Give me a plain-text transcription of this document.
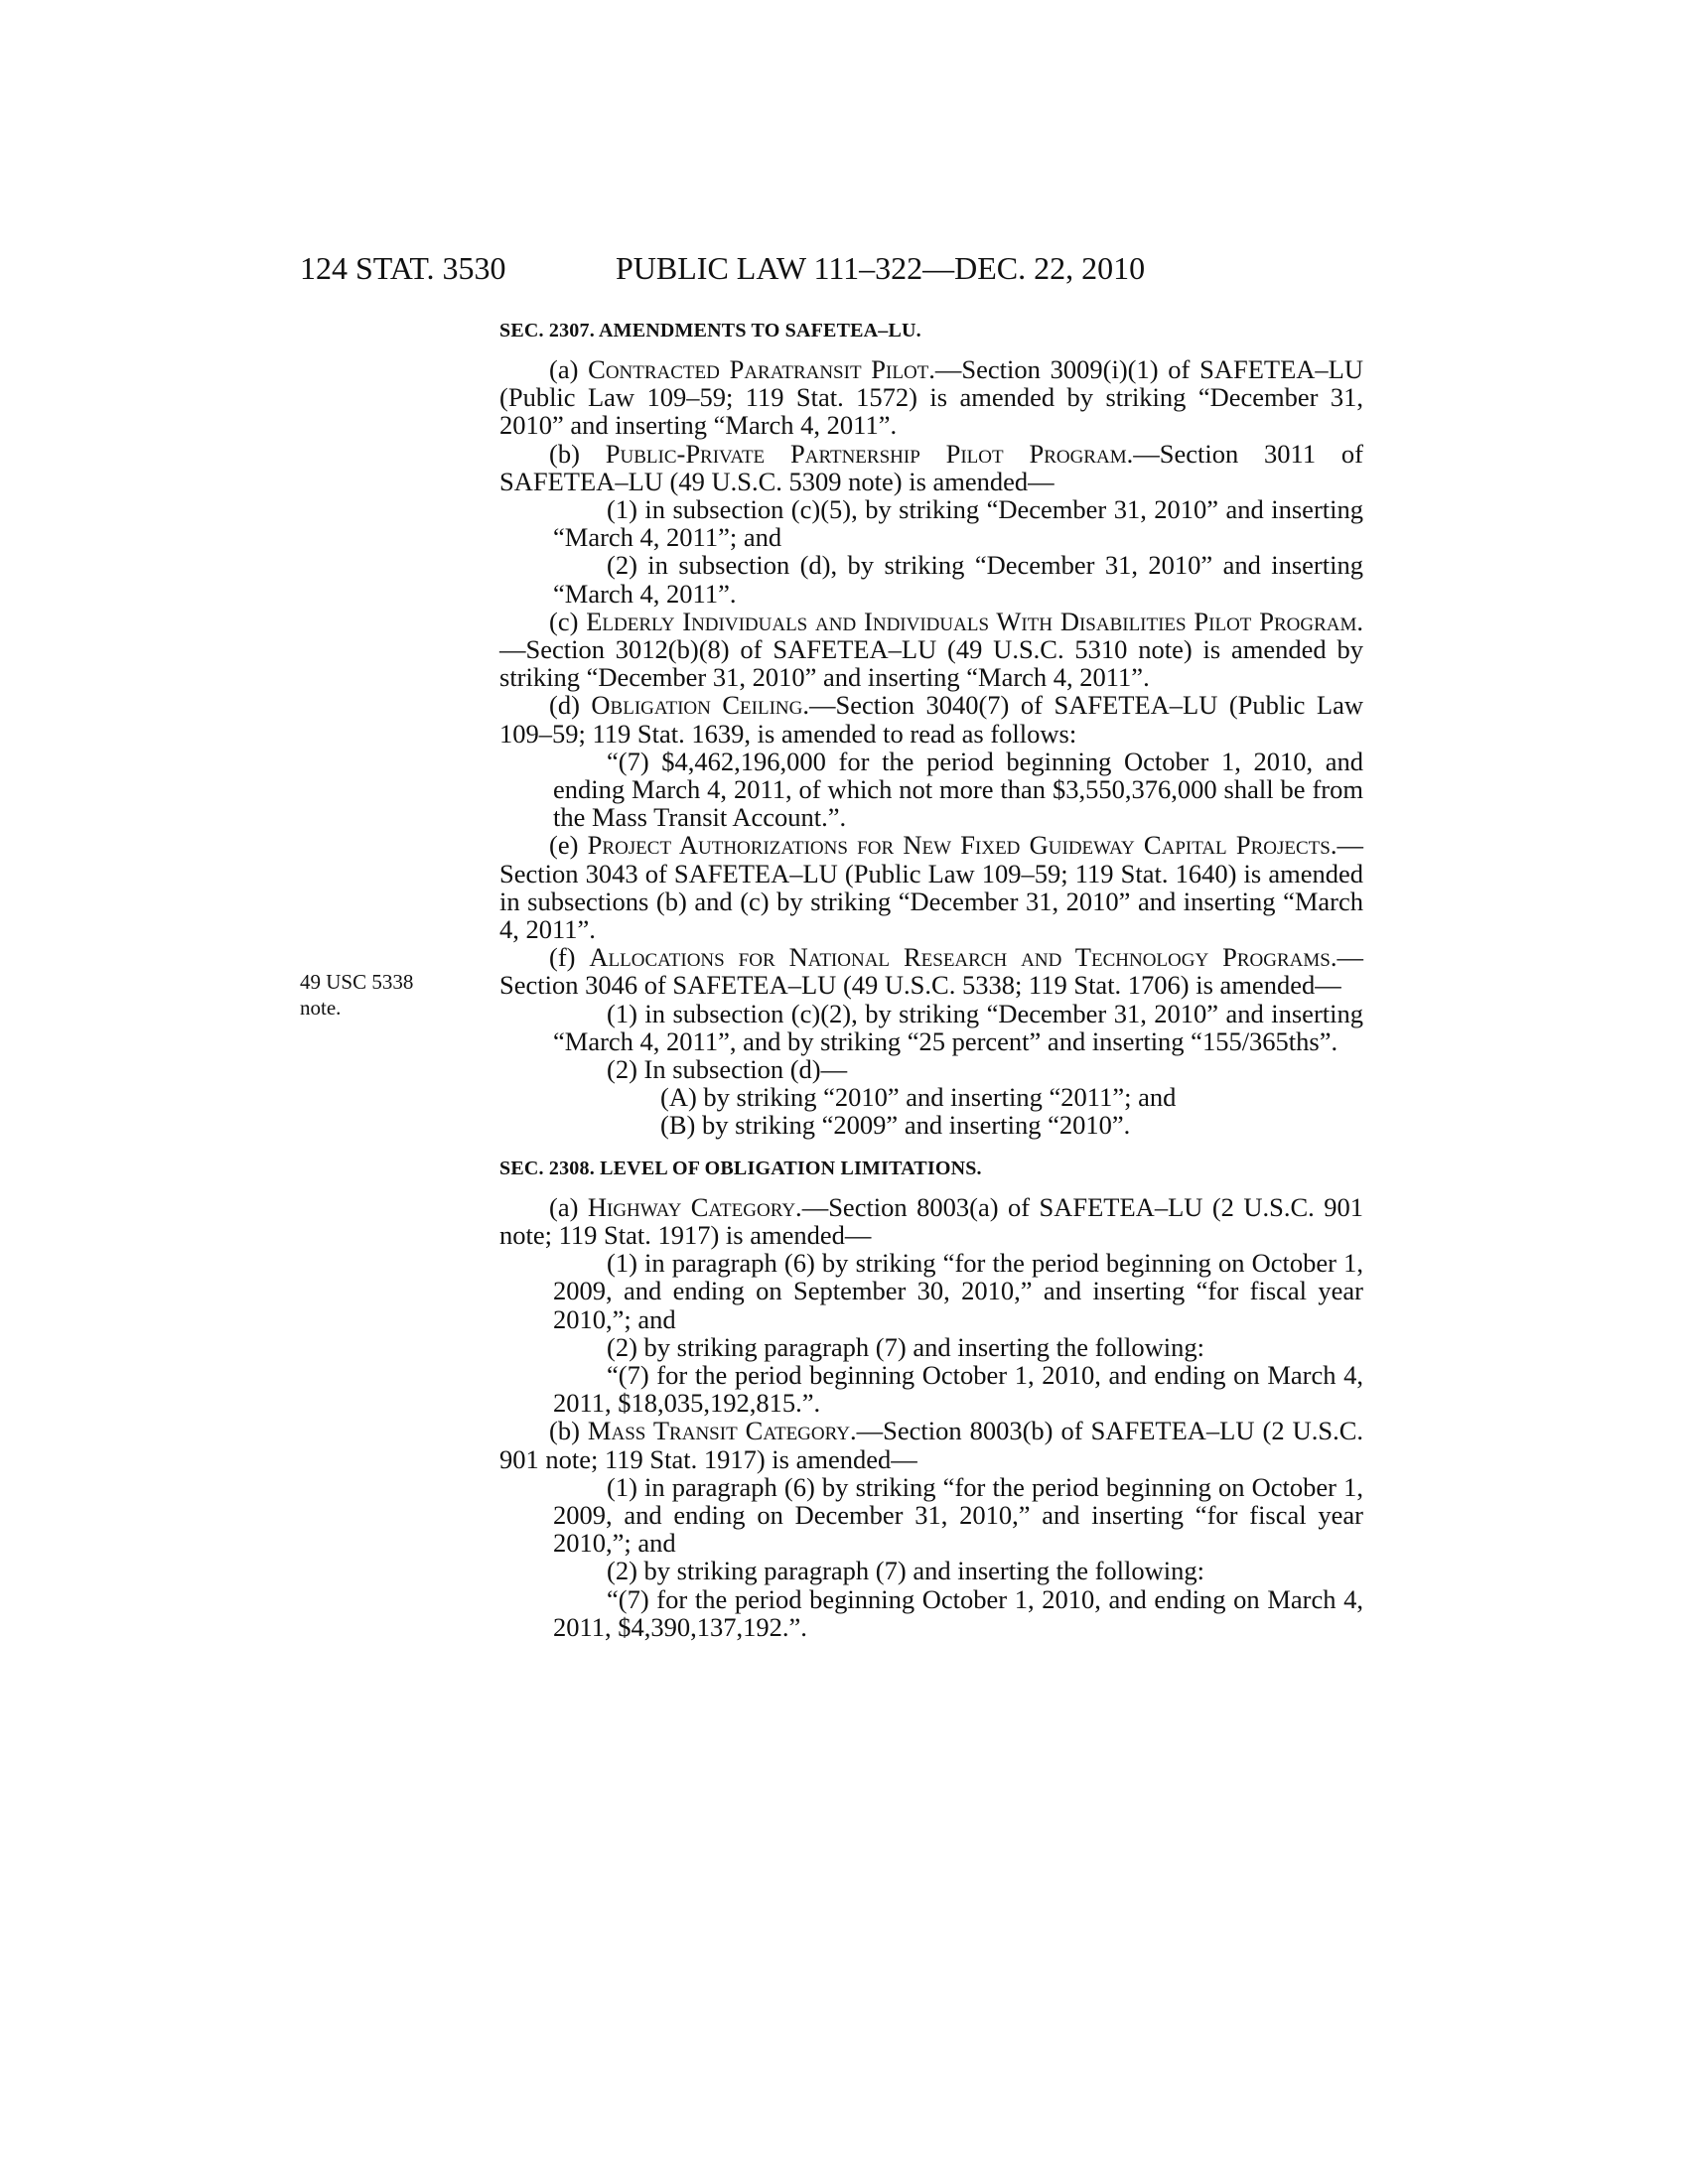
124 STAT. 3530	PUBLIC LAW 111–322—DEC. 22, 2010
49 USC 5338
note.
SEC. 2307. AMENDMENTS TO SAFETEA–LU.

(a) Contracted Paratransit Pilot.—Section 3009(i)(1) of SAFETEA–LU (Public Law 109–59; 119 Stat. 1572) is amended by striking “December 31, 2010” and inserting “March 4, 2011”.

(b) Public-Private Partnership Pilot Program.—Section 3011 of SAFETEA–LU (49 U.S.C. 5309 note) is amended—

(1) in subsection (c)(5), by striking “December 31, 2010” and inserting “March 4, 2011”; and

(2) in subsection (d), by striking “December 31, 2010” and inserting “March 4, 2011”.

(c) Elderly Individuals and Individuals With Disabilities Pilot Program.—Section 3012(b)(8) of SAFETEA–LU (49 U.S.C. 5310 note) is amended by striking “December 31, 2010” and inserting “March 4, 2011”.

(d) Obligation Ceiling.—Section 3040(7) of SAFETEA–LU (Public Law 109–59; 119 Stat. 1639, is amended to read as follows:

“(7) $4,462,196,000 for the period beginning October 1, 2010, and ending March 4, 2011, of which not more than $3,550,376,000 shall be from the Mass Transit Account.”.

(e) Project Authorizations for New Fixed Guideway Capital Projects.—Section 3043 of SAFETEA–LU (Public Law 109–59; 119 Stat. 1640) is amended in subsections (b) and (c) by striking “December 31, 2010” and inserting “March 4, 2011”.

(f) Allocations for National Research and Technology Programs.—Section 3046 of SAFETEA–LU (49 U.S.C. 5338; 119 Stat. 1706) is amended—

(1) in subsection (c)(2), by striking “December 31, 2010” and inserting “March 4, 2011”, and by striking “25 percent” and inserting “155/365ths”.

(2) In subsection (d)—

(A) by striking “2010” and inserting “2011”; and

(B) by striking “2009” and inserting “2010”.

SEC. 2308. LEVEL OF OBLIGATION LIMITATIONS.

(a) Highway Category.—Section 8003(a) of SAFETEA–LU (2 U.S.C. 901 note; 119 Stat. 1917) is amended—

(1) in paragraph (6) by striking “for the period beginning on October 1, 2009, and ending on September 30, 2010,” and inserting “for fiscal year 2010,”; and

(2) by striking paragraph (7) and inserting the following:

“(7) for the period beginning October 1, 2010, and ending on March 4, 2011, $18,035,192,815.”.

(b) Mass Transit Category.—Section 8003(b) of SAFETEA–LU (2 U.S.C. 901 note; 119 Stat. 1917) is amended—

(1) in paragraph (6) by striking “for the period beginning on October 1, 2009, and ending on December 31, 2010,” and inserting “for fiscal year 2010,”; and

(2) by striking paragraph (7) and inserting the following:

“(7) for the period beginning October 1, 2010, and ending on March 4, 2011, $4,390,137,192.”.
